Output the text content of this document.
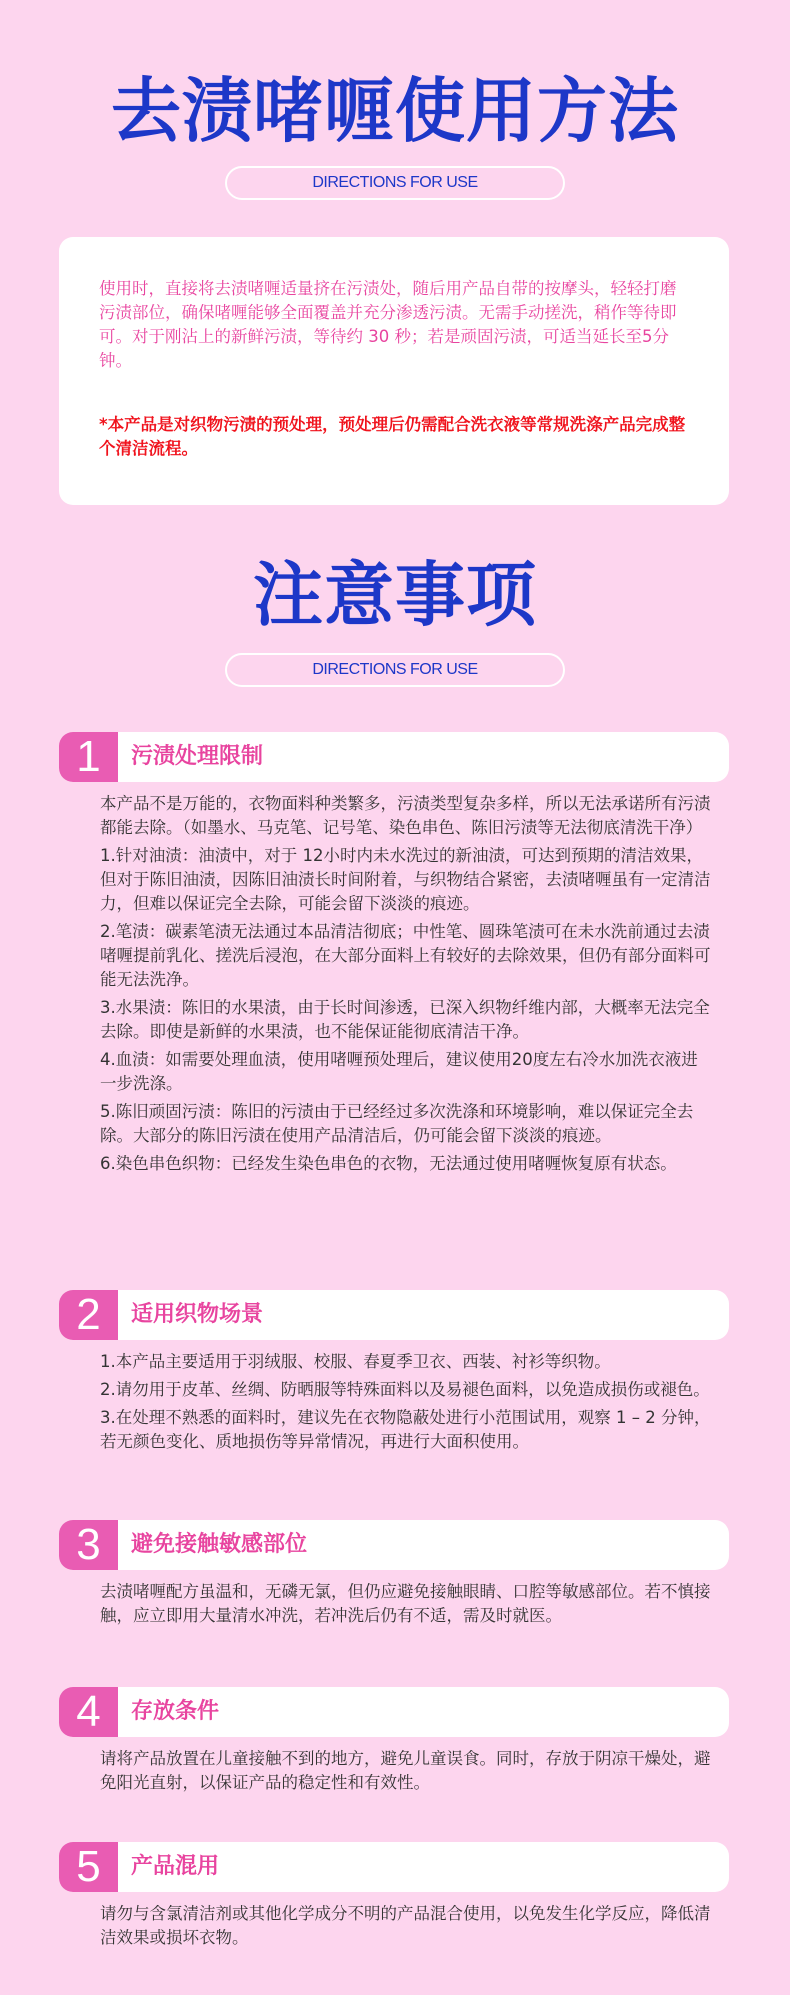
去渍啫喱使用方法
DIRECTIONS FOR USE

使用时，直接将去渍啫喱适量挤在污渍处，随后用产品自带的按摩头，轻轻打磨污渍部位，确保啫喱能够全面覆盖并充分渗透污渍。无需手动搓洗，稍作等待即可。对于刚沾上的新鲜污渍，等待约 30 秒；若是顽固污渍，可适当延长至5分钟。

*本产品是对织物污渍的预处理，预处理后仍需配合洗衣液等常规洗涤产品完成整个清洁流程。

注意事项
DIRECTIONS FOR USE
1	污渍处理限制

本产品不是万能的，衣物面料种类繁多，污渍类型复杂多样，所以无法承诺所有污渍都能去除。（如墨水、马克笔、记号笔、染色串色、陈旧污渍等无法彻底清洗干净）

1.针对油渍：油渍中，对于 12小时内未水洗过的新油渍，可达到预期的清洁效果，但对于陈旧油渍，因陈旧油渍长时间附着，与织物结合紧密，去渍啫喱虽有一定清洁力，但难以保证完全去除，可能会留下淡淡的痕迹。

2.笔渍：碳素笔渍无法通过本品清洁彻底；中性笔、圆珠笔渍可在未水洗前通过去渍啫喱提前乳化、搓洗后浸泡，在大部分面料上有较好的去除效果，但仍有部分面料可能无法洗净。

3.水果渍：陈旧的水果渍，由于长时间渗透，已深入织物纤维内部，大概率无法完全去除。即使是新鲜的水果渍，也不能保证能彻底清洁干净。

4.血渍：如需要处理血渍，使用啫喱预处理后，建议使用20度左右冷水加洗衣液进一步洗涤。

5.陈旧顽固污渍：陈旧的污渍由于已经经过多次洗涤和环境影响，难以保证完全去除。大部分的陈旧污渍在使用产品清洁后，仍可能会留下淡淡的痕迹。

6.染色串色织物：已经发生染色串色的衣物，无法通过使用啫喱恢复原有状态。

2	适用织物场景

1.本产品主要适用于羽绒服、校服、春夏季卫衣、西装、衬衫等织物。

2.请勿用于皮革、丝绸、防晒服等特殊面料以及易褪色面料，以免造成损伤或褪色。

3.在处理不熟悉的面料时，建议先在衣物隐蔽处进行小范围试用，观察 1 – 2 分钟，若无颜色变化、质地损伤等异常情况，再进行大面积使用。

3	避免接触敏感部位

去渍啫喱配方虽温和，无磷无氯，但仍应避免接触眼睛、口腔等敏感部位。若不慎接触，应立即用大量清水冲洗，若冲洗后仍有不适，需及时就医。

4	存放条件

请将产品放置在儿童接触不到的地方，避免儿童误食。同时，存放于阴凉干燥处，避免阳光直射，以保证产品的稳定性和有效性。

5	产品混用

请勿与含氯清洁剂或其他化学成分不明的产品混合使用，以免发生化学反应，降低清洁效果或损坏衣物。
